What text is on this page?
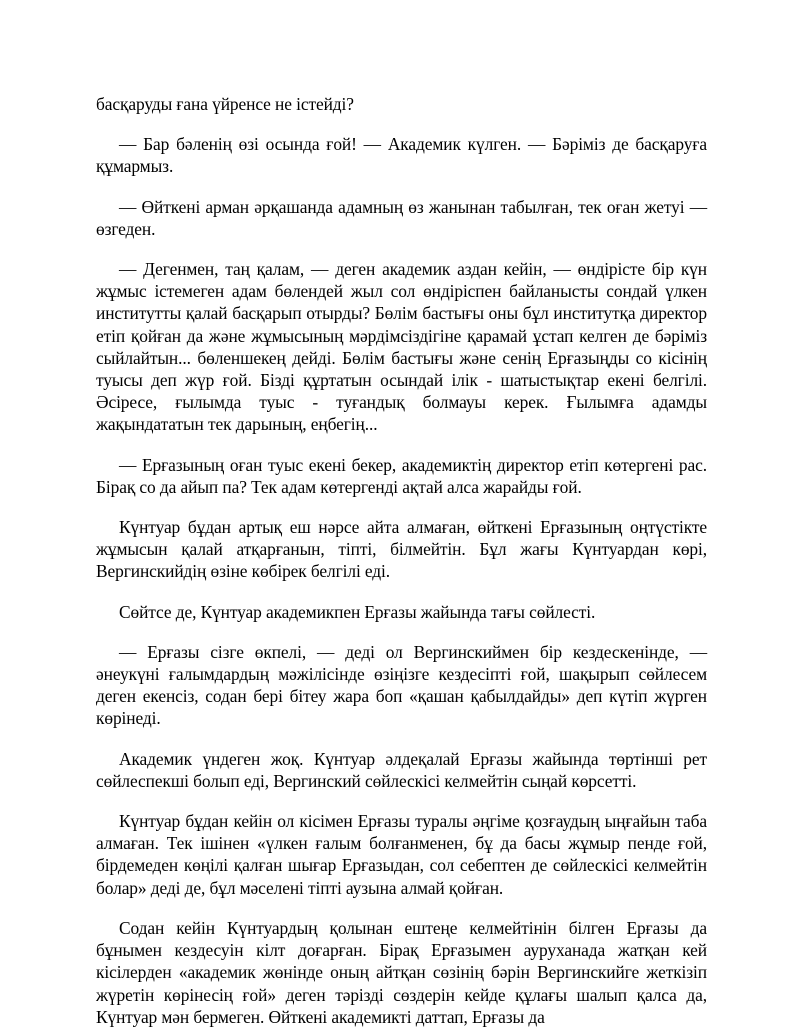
басқаруды ғана үйренсе не істейді?

— Бар бәленің өзі осында ғой! — Академик күлген. — Бәріміз де басқаруға құмармыз.

— Өйткені арман әрқашанда адамның өз жанынан табылған, тек оған жетуі — өзгеден.

— Дегенмен, таң қалам, — деген академик аздан кейін, — өндірісте бір күн жұмыс істемеген адам бөлендей жыл сол өндіріспен байланысты сондай үлкен институтты қалай басқарып отырды? Бөлім бастығы оны бұл институтқа директор етіп қойған да және жұмысының мәрдімсіздігіне қарамай ұстап келген де бәріміз сыйлайтын... бөленшекең дейді. Бөлім бастығы және сенің Ерғазыңды со кісінің туысы деп жүр ғой. Бізді құртатын осындай ілік - шатыстықтар екені белгілі. Әсіресе, ғылымда туыс - туғандық болмауы керек. Ғылымға адамды жақындататын тек дарының, еңбегің...

— Ерғазының оған туыс екені бекер, академиктің директор етіп көтергені рас. Бірақ со да айып па? Тек адам көтергенді ақтай алса жарайды ғой.

Күнтуар бұдан артық еш нәрсе айта алмаған, өйткені Ерғазының оңтүстікте жұмысын қалай атқарғанын, тіпті, білмейтін. Бұл жағы Күнтуардан көрі, Вергинскийдің өзіне көбірек белгілі еді.

Сөйтсе де, Күнтуар академикпен Ерғазы жайында тағы сөйлесті.

— Ерғазы сізге өкпелі, — деді ол Вергинскиймен бір кездескенінде, — әнеукүні ғалымдардың мәжілісінде өзіңізге кездесіпті ғой, шақырып сөйлесем деген екенсіз, содан бері бітеу жара боп «қашан қабылдайды» деп күтіп жүрген көрінеді.

Академик үндеген жоқ. Күнтуар әлдеқалай Ерғазы жайында төртінші рет сөйлеспекші болып еді, Вергинский сөйлескісі келмейтін сыңай көрсетті.

Күнтуар бұдан кейін ол кісімен Ерғазы туралы әңгіме қозғаудың ыңғайын таба алмаған. Тек ішінен «үлкен ғалым болғанменен, бұ да басы жұмыр пенде ғой, бірдемеден көңілі қалған шығар Ерғазыдан, сол себептен де сөйлескісі келмейтін болар» деді де, бұл мәселені тіпті аузына алмай қойған.

Содан кейін Күнтуардың қолынан ештеңе келмейтінін білген Ерғазы да бұнымен кездесуін кілт доғарған. Бірақ Ерғазымен ауруханада жатқан кей кісілерден «академик жөнінде оның айтқан сөзінің бәрін Вергинскийге жеткізіп жүретін көрінесің ғой» деген тәрізді сөздерін кейде құлағы шалып қалса да, Күнтуар мән бермеген. Өйткені академикті даттап, Ерғазы да
